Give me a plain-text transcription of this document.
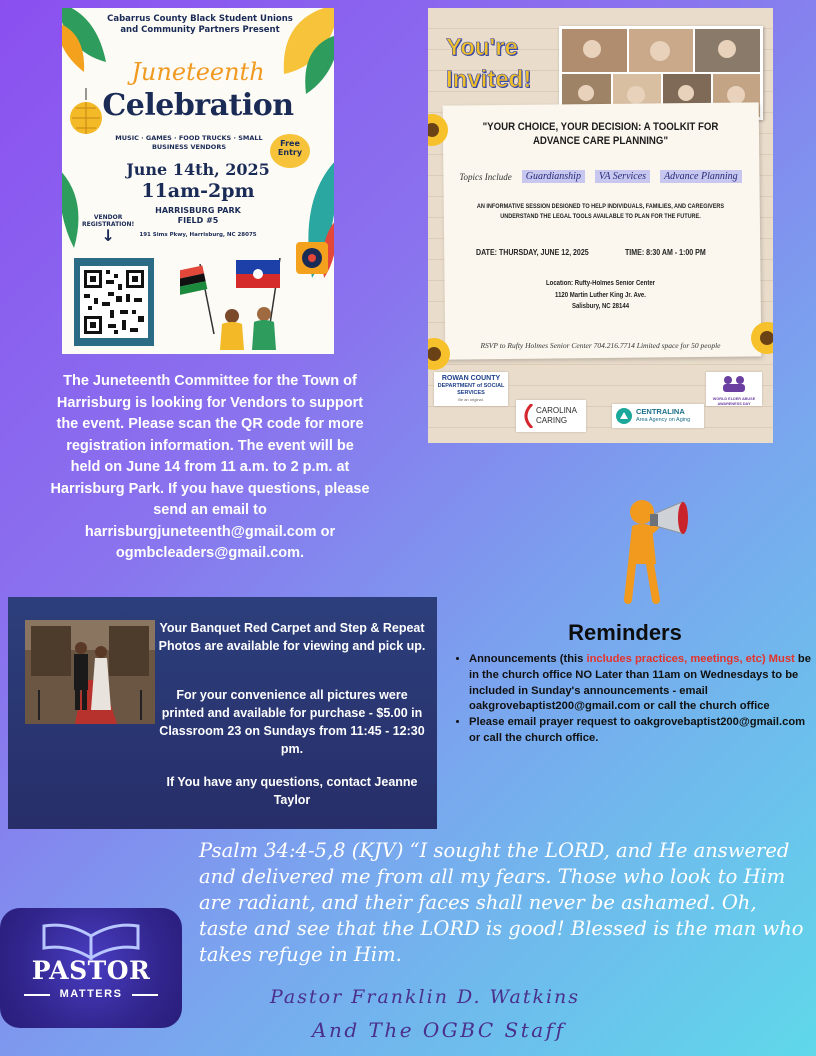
Cabarrus County Black Student Unions and Community Partners Present
Juneteenth
Celebration
MUSIC · GAMES · FOOD TRUCKS · SMALL BUSINESS VENDORS	Free
Entry
June 14th, 2025
11am-2pm
HARRISBURG PARK
FIELD #5
191 Sims Pkwy, Harrisburg, NC 28075
VENDOR
REGISTRATION!
↓
The Juneteenth Committee for the Town of Harrisburg is looking for Vendors to support the event. Please scan the QR code for more registration information. The event will be held on June 14 from 11 a.m. to 2 p.m. at Harrisburg Park. If you have questions, please send an email to harrisburgjuneteenth@gmail.com or ogmbcleaders@gmail.com.
You're
Invited!
"YOUR CHOICE, YOUR DECISION: A TOOLKIT FOR ADVANCE CARE PLANNING"
Topics Include	Guardianship	VA Services	Advance Planning
AN INFORMATIVE SESSION DESIGNED TO HELP INDIVIDUALS, FAMILIES, AND CAREGIVERS UNDERSTAND THE LEGAL TOOLS AVAILABLE TO PLAN FOR THE FUTURE.
DATE: THURSDAY, JUNE 12, 2025	TIME: 8:30 AM - 1:00 PM
Location: Rufty-Holmes Senior Center
1120 Martin Luther King Jr. Ave.
Salisbury, NC 28144
RSVP to Rufty Holmes Senior Center 704.216.7714 Limited space for 50 people
ROWAN COUNTY
DEPARTMENT of SOCIAL SERVICES
Be an original.
CAROLINA
CARING
CENTRALINA
Area Agency on Aging
WORLD ELDER ABUSE AWARENESS DAY
Your Banquet Red Carpet and Step & Repeat Photos are available for viewing and pick up.
For your convenience all pictures were printed and available for purchase - $5.00 in Classroom 23 on Sundays from 11:45 - 12:30 pm.
If You have any questions, contact Jeanne Taylor
Reminders
• Announcements (this includes practices, meetings, etc) Must be in the church office NO Later than 11am on Wednesdays to be included in Sunday's announcements - email oakgrovebaptist200@gmail.com or call the church office
• Please email prayer request to oakgrovebaptist200@gmail.com or call the church office.
Psalm 34:4-5,8 (KJV) “I sought the LORD, and He answered and delivered me from all my fears. Those who look to Him are radiant, and their faces shall never be ashamed. Oh, taste and see that the LORD is good! Blessed is the man who takes refuge in Him.
Pastor Franklin D. Watkins
And The OGBC Staff
PASTOR
MATTERS
